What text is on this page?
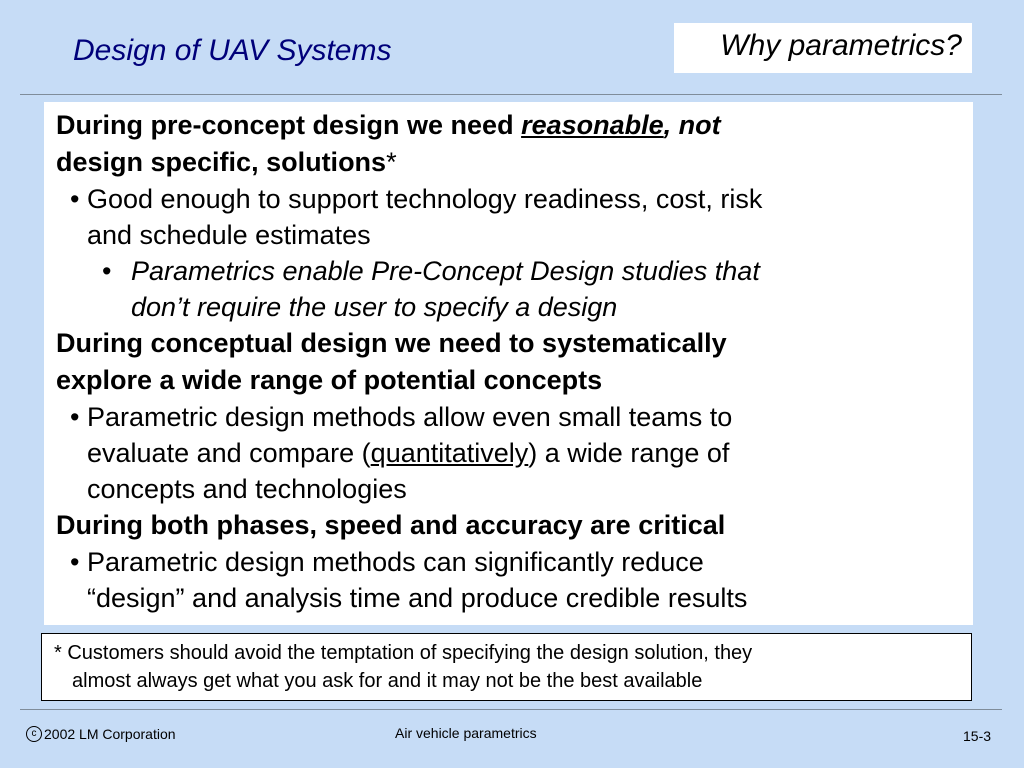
Design of UAV Systems	Why parametrics?
During pre-concept design we need reasonable, not
design specific, solutions*
• Good enough to support technology readiness, cost, risk
and schedule estimates
• Parametrics enable Pre-Concept Design studies that
don’t require the user to specify a design
During conceptual design we need to systematically
explore a wide range of potential concepts
• Parametric design methods allow even small teams to
evaluate and compare (quantitatively) a wide range of
concepts and technologies
During both phases, speed and accuracy are critical
• Parametric design methods can significantly reduce
“design” and analysis time and produce credible results
* Customers should avoid the temptation of specifying the design solution, they
almost always get what you ask for and it may not be the best available
c 2002 LM Corporation	Air vehicle parametrics	15-3
